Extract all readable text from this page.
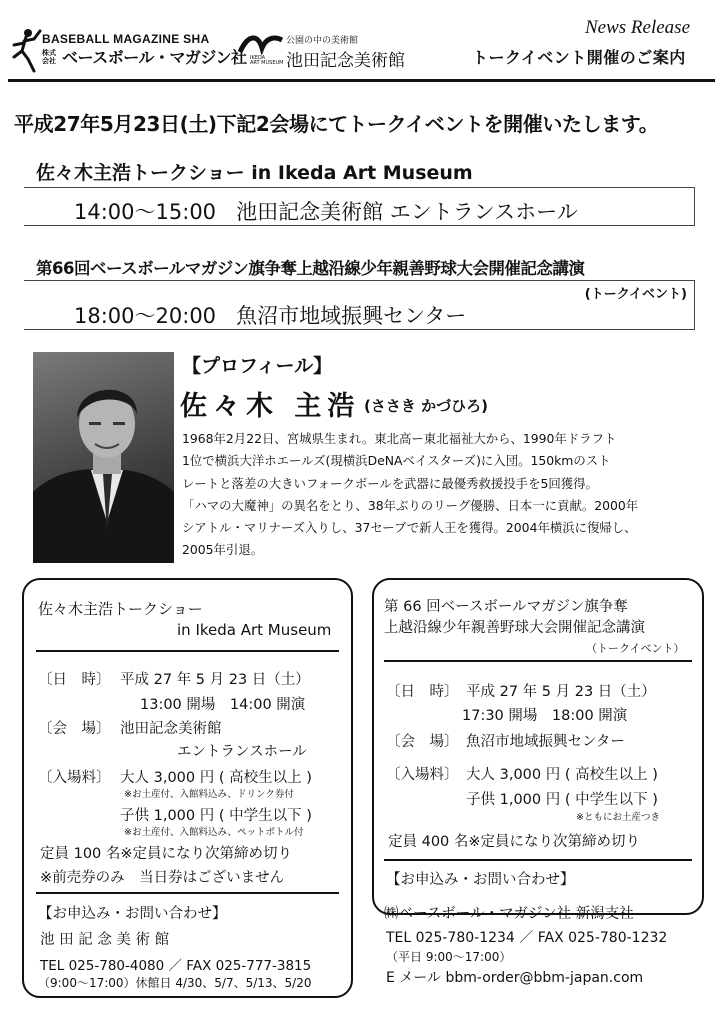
BASEBALL MAGAZINE SHA
株式会社 ベースボール・マガジン社 IKEDA
ART MUSEUM
公園の中の美術館
池田記念美術館
News Release
トークイベント開催のご案内
平成27年5月23日(土)下記2会場にてトークイベントを開催いたします。
佐々木主浩トークショー in Ikeda Art Museum
14:00〜15:00 池田記念美術館 エントランスホール
第66回ベースボールマガジン旗争奪上越沿線少年親善野球大会開催記念講演
(トークイベント)
18:00〜20:00 魚沼市地域振興センター
【プロフィール】
佐々木 主浩 (ささき かづひろ)
1968年2月22日、宮城県生まれ。東北高ー東北福祉大から、1990年ドラフト
1位で横浜大洋ホエールズ(現横浜DeNAベイスターズ)に入団。150kmのスト
レートと落差の大きいフォークボールを武器に最優秀救援投手を5回獲得。
「ハマの大魔神」の異名をとり、38年ぶりのリーグ優勝、日本一に貢献。2000年
シアトル・マリナーズ入りし、37セーブで新人王を獲得。2004年横浜に復帰し、
2005年引退。
佐々木主浩トークショー
in Ikeda Art Museum
〔日　時〕 平成 27 年 5 月 23 日（土）
13:00 開場　14:00 開演
〔会　場〕 池田記念美術館
エントランスホール
〔入場料〕 大人 3,000 円 ( 高校生以上 )
※お土産付、入館料込み、ドリンク券付
子供 1,000 円 ( 中学生以下 )
※お土産付、入館料込み、ペットボトル付
定員 100 名※定員になり次第締め切り
※前売券のみ　当日券はございません
【お申込み・お問い合わせ】
池 田 記 念 美 術 館
TEL 025-780-4080 ／ FAX 025-777-3815
（9:00〜17:00）休館日 4/30、5/7、5/13、5/20
第 66 回ベースボールマガジン旗争奪
上越沿線少年親善野球大会開催記念講演
（トークイベント）
〔日　時〕 平成 27 年 5 月 23 日（土）
17:30 開場　18:00 開演
〔会　場〕 魚沼市地域振興センター
〔入場料〕 大人 3,000 円 ( 高校生以上 )
子供 1,000 円 ( 中学生以下 )
※ともにお土産つき
定員 400 名※定員になり次第締め切り
【お申込み・お問い合わせ】
㈱ベースボール・マガジン社 新潟支社
TEL 025-780-1234 ／ FAX 025-780-1232
（平日 9:00〜17:00）
E メール bbm-order@bbm-japan.com
